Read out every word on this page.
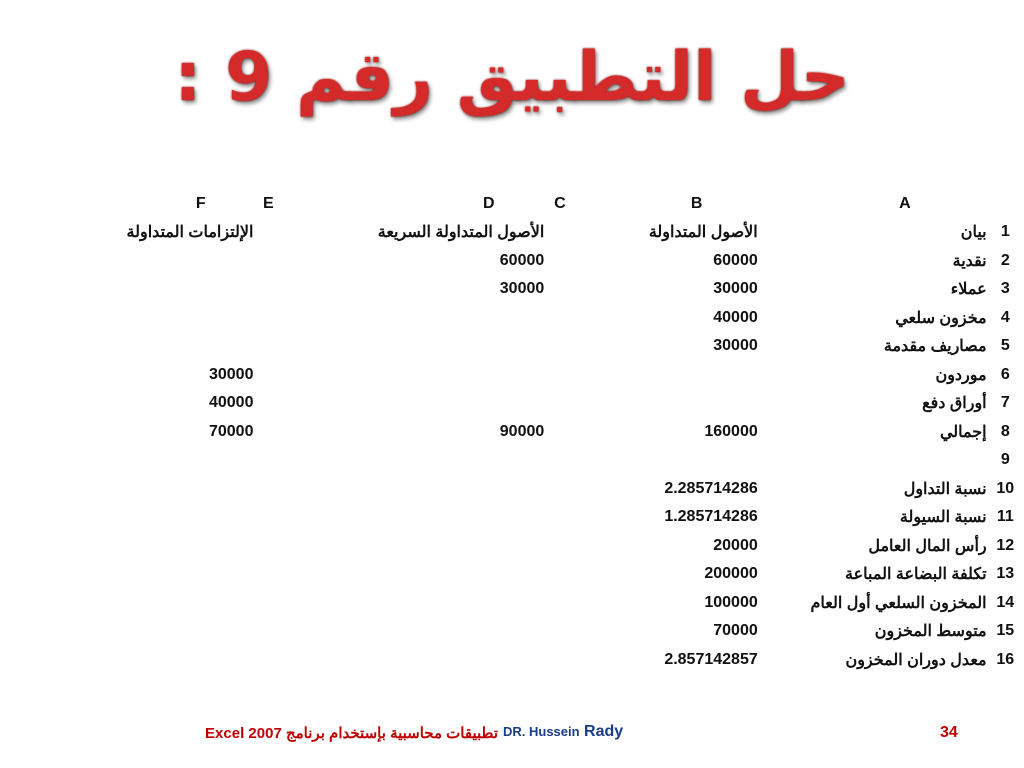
حل التطبيق رقم 9 :
F	E	D	C	B		A	
الإلتزامات المتداولة		الأصول المتداولة السريعة		الأصول المتداولة		بيان	1
		60000		60000		نقدية	2
		30000		30000		عملاء	3
				40000		مخزون سلعي	4
				30000		مصاريف مقدمة	5
30000						موردون	6
40000						أوراق دفع	7
70000		90000		160000		إجمالي	8
							9
				2.285714286		نسبة التداول	10
				1.285714286		نسبة السيولة	11
				20000		رأس المال العامل	12
				200000		تكلفة البضاعة المباعة	13
				100000		المخزون السلعي أول العام	14
				70000		متوسط المخزون	15
				2.857142857		معدل دوران المخزون	16
تطبيقات محاسبية بإستخدام برنامج Excel 2007 DR. Hussein Rady	34
